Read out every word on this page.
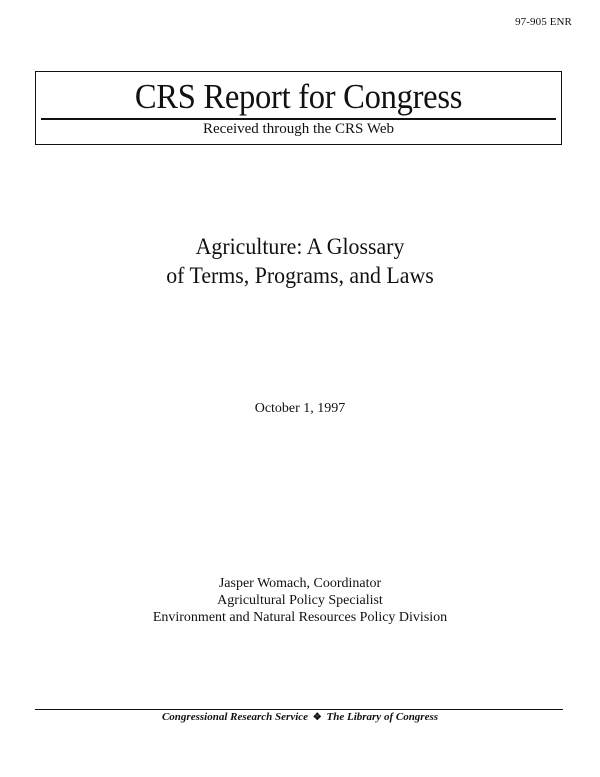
97-905 ENR
CRS Report for Congress
Received through the CRS Web
Agriculture: A Glossary
of Terms, Programs, and Laws
October 1, 1997
Jasper Womach, Coordinator
Agricultural Policy Specialist
Environment and Natural Resources Policy Division
Congressional Research Service ❖ The Library of Congress
